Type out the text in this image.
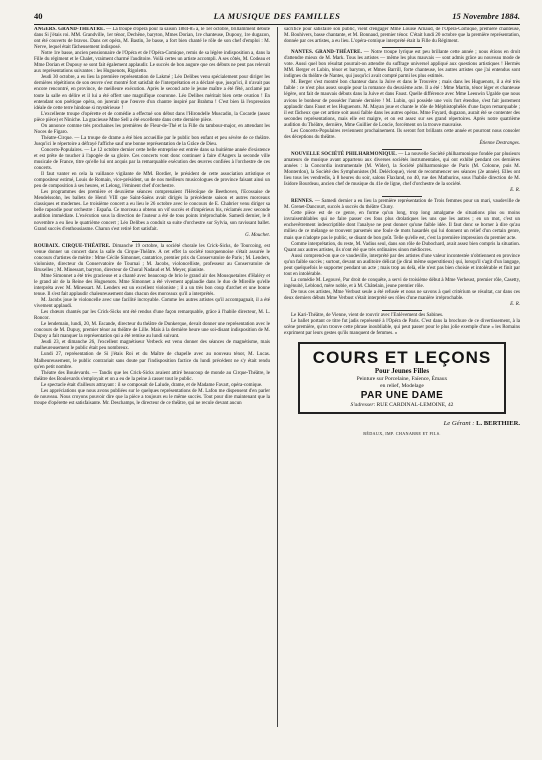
40	LA MUSIQUE DES FAMILLES	15 Novembre 1884.

ANGERS. GRAND-THÉATRE. — La troupe d'opéra pour la saison 1884-85 a, le 1er octobre, brillamment débuté dans Si j'étais roi. MM. Grandville, 1er ténor, Dechêne, baryton, Mmes Dorian, 1re chanteuse, Dupouy, 1re dugazon, ont été couverts de bravos. Dans cet opéra, M. Bastin, 3e basse, a fort bien chanté le rôle de son chef d'emploi : M. Nerve, lequel était fâcheusement indisposé.

Notre 1re basse, ancien pensionnaire de l'Opéra et de l'Opéra-Comique, remis de sa légère indisposition a, dans la Fille du régiment et le Chalet, vraiment charmé l'auditoire. Voilà certes un artiste accompli. A ses côtés, M. Codeau et Mme Dorian et Dupouy se sont fait également applaudir. Le succès de bon augure que ces débuts ne peut pas relevait aux représentations suivantes : les Huguenots, Rigoletto.

Jeudi 30 octobre, a eu lieu la première représentation de Lakmé ; Léo Delibes venu spécialement pour diriger les dernières répétitions de son œuvre s'est montré fort satisfait de l'interprétation et a déclaré que, jusqu'ici, il n'avait pas encore rencontré, en province, de meilleure exécution. Après le second acte le jeune maître a été fêté, acclamé par toute la salle en délire et il lui a été offert une magnifique couronne. Léo Delibes méritait bien cette ovation ! En entendant son poétique opéra, on jurerait que l'œuvre d'un chantre inspiré par Brahma ! C'est bien là l'expression idéale de cette terre hindoue si mystérieuse !

L'excellente troupe d'opérette et de comédie a effectué son début dans l'Hirondelle Muscadin, la Cocarde (assez pièce pièce) et Niniche. La gracieuse Mme Sell a été excellente dans cette dernière pièce.

On annonce comme très prochaines les premières de Fleur-de-Thé et la Fille du tambour-major, en attendant les Noces de Figaro.

Théatre-Cirque. — La troupe de drame a été bien accueillie par le public bon enfant et peu sévère de ce théâtre. Jusqu'ici le répertoire a défrayé l'affiche sauf une bonne représentation de la Grâce de Dieu.

Concerts-Populaires. — Le 12 octobre dernier cette belle entreprise est entrée dans sa huitième année d'existence et est prête de toucher à l'apogée de sa gloire. Ces concerts vont donc continuer à faire d'Angers la seconde ville musicale de France, titre qu'elle lui ont acquis par la remarquable exécution des œuvres confiées à l'orchestre de ces concerts.

Il faut vanter en cela la vaillance vigilante de MM. Bordier, le président de cette association artistique et compositeur estimé, Louis de Romain, vice-président, un de nos meilleurs musicologues de province faisant ainsi un peu de composition à ses heures, et Lelong, l'éminent chef d'orchestre.

Les programmes des première et deuxième séances comprenaient l'Héroïque de Beethoven, l'Ecossaise de Mendelssohn, les ballets de Henri VIII que Saint-Saëns avait dirigés la précédente saison et autres morceaux classiques et modernes. Le troisième concert a eu lieu le 26 octobre avec le concours de E. Chabrier venu diriger sa belle rapsodie pour orchestre : España. Ce morceau a obtenu un vif succès et d'impérieux bis, réclamés avec seconde audition immédiate. L'exécution sous la direction de l'auteur a été de tous points irréprochable. Samedi dernier, le 8 novembre a eu lieu le quatrième concert ; Léo Delibes a conduit sa suite d'orchestre sur Sylvia, son ravissant ballet. Grand succès d'enthousiasme. Charun s'est retiré fort satisfait.

G. Mouchet.

ROUBAIX. CIRQUE-THÉATRE. Dimanche 19 octobre, la société chorale les Crick-Sicks, de Tourcoing, est venue donner un concert dans la salle du Cirque-Théâtre. A cet effet la société tourquennoise s'était assurée le concours d'artistes de mérite : Mme Cécile Simonnet, cantatrice, premier prix du Conservatoire de Paris ; M. Lenders, violoniste, directeur du Conservatoire de Tournai ; M. Jacobs, violoncelliste, professeur au Conservatoire de Bruxelles ; M. Minessart, baryton, directeur de Choral Nadaud et M. Meyer, pianiste.

Mme Simonnet a été très gracieuse et a chanté avec beaucoup de brio le grand air des Mousquetaires d'Haléry et le grand air de la Reine des Huguenots. Mme Simonnet a été vivement applaudie dans le duo de Mireille qu'elle interpréta avec M. Minessart. M. Lenders est un excellent violoniste ; il a un très bon coup d'archet et une bonne tenue. Il s'est fait applaudir chaleureusement dans chacun des morceaux qu'il a interprétés.

M. Jacobs joue le violoncelle avec une facilité incroyable. Comme les autres artistes qu'il accompagnait, il a été vivement applaudi.

Les chœurs chantés par les Crick-Sicks ont été rendus d'une façon remarquable, grâce à l'habile directeur, M. L. Roncor.

Le lendemain, lundi, 20, M. Escande, directeur du théâtre de Dunkerque, devait donner une représentation avec le concours de M. Dupuy, premier ténor au théâtre de Lille. Mais à la dernière heure une soi-disant indisposition de M. Dupuy a fait manquer la représentation qui a été remise au lundi suivant.

Jeudi 23, et dimanche 26, l'excellent magnétiseur Verbeck est venu donner des séances de magnétisme, mais malheureusement le public était peu nombreux.

Lundi 27, représentation de Si j'étais Roi et du Maître de chapelle avec au nouveau ténor, M. Lucas. Malheureusement, le public contrariait sans doute par l'indisposition factice du lundi précédent ne s'y était rendu qu'en petit nombre.

Théatre des Boulevards. — Tandis que les Crick-Sicks avaient attiré beaucoup de monde au Cirque-Théâtre, le théâtre des Boulevards s'employait et on a eu de la peine à casser tout le public.

Le spectacle était d'ailleurs attrayant : il se composait de Lalude, drame, et de Madame Favart, opéra-comique.

Les appréciations que nous avons publiées sur le quelques représentations de M. Lafon me dispensent d'en parler de nouveau. Nous croyons pouvoir dire que la pièce a toujours eu le même succès. Tout pour dire maintenant que la troupe d'opérette est satisfaisante. Mr. Deschamps, le directeur de ce théâtre, qui ne recule devant aucun

sacrifice pour satisfaire son public, vient d'engager Mme Louise Arnaud, de l'Opéra-Comique, première chanteuse, M. Bouhivers, basse chantante, et M. Bonnaud, premier ténor. C'était lundi 20 octobre que la première représentation, donnée par ces artistes, a eu lieu. L'opéra-comique interprété était la Fille du Régiment.

NANTES. GRAND-THÉATRE. — Notre troupe lyrique est peu brillante cette année ; nous étions en droit d'attendre mieux de M. Mark. Tous les artistes — même les plus mauvais — sont admis grâce au nouveau mode de vote. Aussi quel bon résultat pourrait-on attendre du suffrage universel appliqué aux questions artistiques ! Hermès MM. Berger et Lubin, ténor et baryton, et Mmes Barrill, forte chanteuse, les autres artistes que j'ai entendus sont indignes du théâtre de Nantes, qui jusqu'ici avait compté parmi les plus estimés.

M. Berger s'est montré bon chanteur dans la Juive et dans le Trouvère ; mais dans les Huguenots, il a été très faible : ce n'est plus assez souple pour la romance du deuxième acte. Il a été : Mme Martin, ténor léger et chanteuse légère, ont fait de mauvais débuts dans la Juive et dans Faust. Quelle différence avec Mme Leeuwin Ugalde que nous avions le bonheur de posséder l'année dernière ! M. Lubin, qui possède une voix fort étendue, s'est fait justement applaudir dans Faust et les Huguenots. M. Mayan joue et chante le rôle de Méphistophélès d'une façon remarquable ; il est fâcheux que cet artiste soit aussi faible dans les autres opéras. Mme Fuyard, dugazon, aurait été se contenter des secondes représentations, mais elle est maigre, et on est assez sur ses grand répertoires. Après notre quatrième audition du Théâtre, dernière, Mme Guillier de Loncie, forcément on la trouve mauvaise.

Les Concerts-Populaires reviennent prochainement. Ils seront fort brillants cette année et pourront nous consoler des déceptions du théâtre.

Étienne Destranges.

NOUVELLE SOCIÉTÉ PHILHARMONIQUE. — La nouvelle Société philharmonique fondée par plusieurs amateurs de musique avant appartenu aux diverses sociétés instrumentales, qui ont exhibé pendant ces dernières années : la Concordia instrumentale (M. Wider), la Société philharmonique de Paris (M. Colonne, puis M. Monterdon), la Société des Symphonistes (M. Delécloque), vient de recommencer ses séances (2e année). Elles ont lieu tous les vendredis, à 8 heures du soir, salons Flaxland, no 40, rue des Mathurins, sous l'habile direction de M. Isidore Bourdeau, ancien chef de musique du 41e de ligne, chef d'orchestre de la société.

E. R.

RENNES. — Samedi dernier a eu lieu la première représentation de Trois femmes pour un mari, vaudeville de M. Grenet-Dancourt, succès à succès du théâtre Cluny.

Cette pièce est de ce genre, en forme qu'un long, trop long amalgame de situations plus ou moins invraisemblables qui ne faire passer ces fous plus drolatiques les uns que les autres ; en un mot, c'est un enchevêtrement indescriptible dont l'analyse ne peut donner qu'une faible idée. Il faut donc se borner à dire qu'au milieu de ce mélange se trouvent parsemés une foule de mots hasardés qui lui donnent un relief d'un certain genre, mais que n'adopte pas le public, se disant de bon goût. Telle qu'elle est, c'est la première impression du premier acte.

Comme interprétation, du reste, M. Vadius seul, dans son rôle de Dubochard, avait assez bien compris la situation. Quant aux autres artistes, ils n'ont été que très ordinaires sinon médiocres.

Aussi comprend-on que ce vaudeville, interprété par des artistes d'une valeur incontestée n'obtiennent en province qu'un faible succès ; surtout, devant un auditoire délicat (je dirai même superstitieux) qui, lorsqu'il s'agit d'un langage, peut quelquefois le supporter pendant un acte ; mais trop au delà, elle n'est pas bien choisie et intolérable et finit par tout en intolérable.

La comédie M. Legouvé, Par droit de conquête, a servi de troisième début à Mme Verbeust, premier rôle, Casetty, ingénuité, Leblond, mère noble, et à M. Châtelain, jeune premier rôle.

De tous ces artistes, Mme Verbust seule a été refusée et nous ne savons à quel critérium se résultat, car dans ces deux derniers débuts Mme Verbust s'était interprété ses rôles d'une manière irréprochable.

E. R.

Le Kari-Théâtre, de Vienne, vient de rouvrir avec l'Enlèvement des Sabines.

Le ballet portant ce titre fut jadis représenté à l'Opéra de Paris. C'est dans la brochure de ce divertissement, à la scène première, qu'on trouve cette phrase inoubliable, qui peut passer pour le plus jolie exemple d'une « les Romains expriment par leurs gestes qu'ils manquent de femmes. »

COURS ET LEÇONS
Pour Jeunes Filles
Peinture sur Porcelaine, Faïence, Émaux
en relief, Modelage
PAR UNE DAME
S'adresser: RUE CARDINAL-LEMOINE, 42
Le Gérant : L. BERTHIER.
BÉDAUX, IMP. CHANABRE ET FILS.
